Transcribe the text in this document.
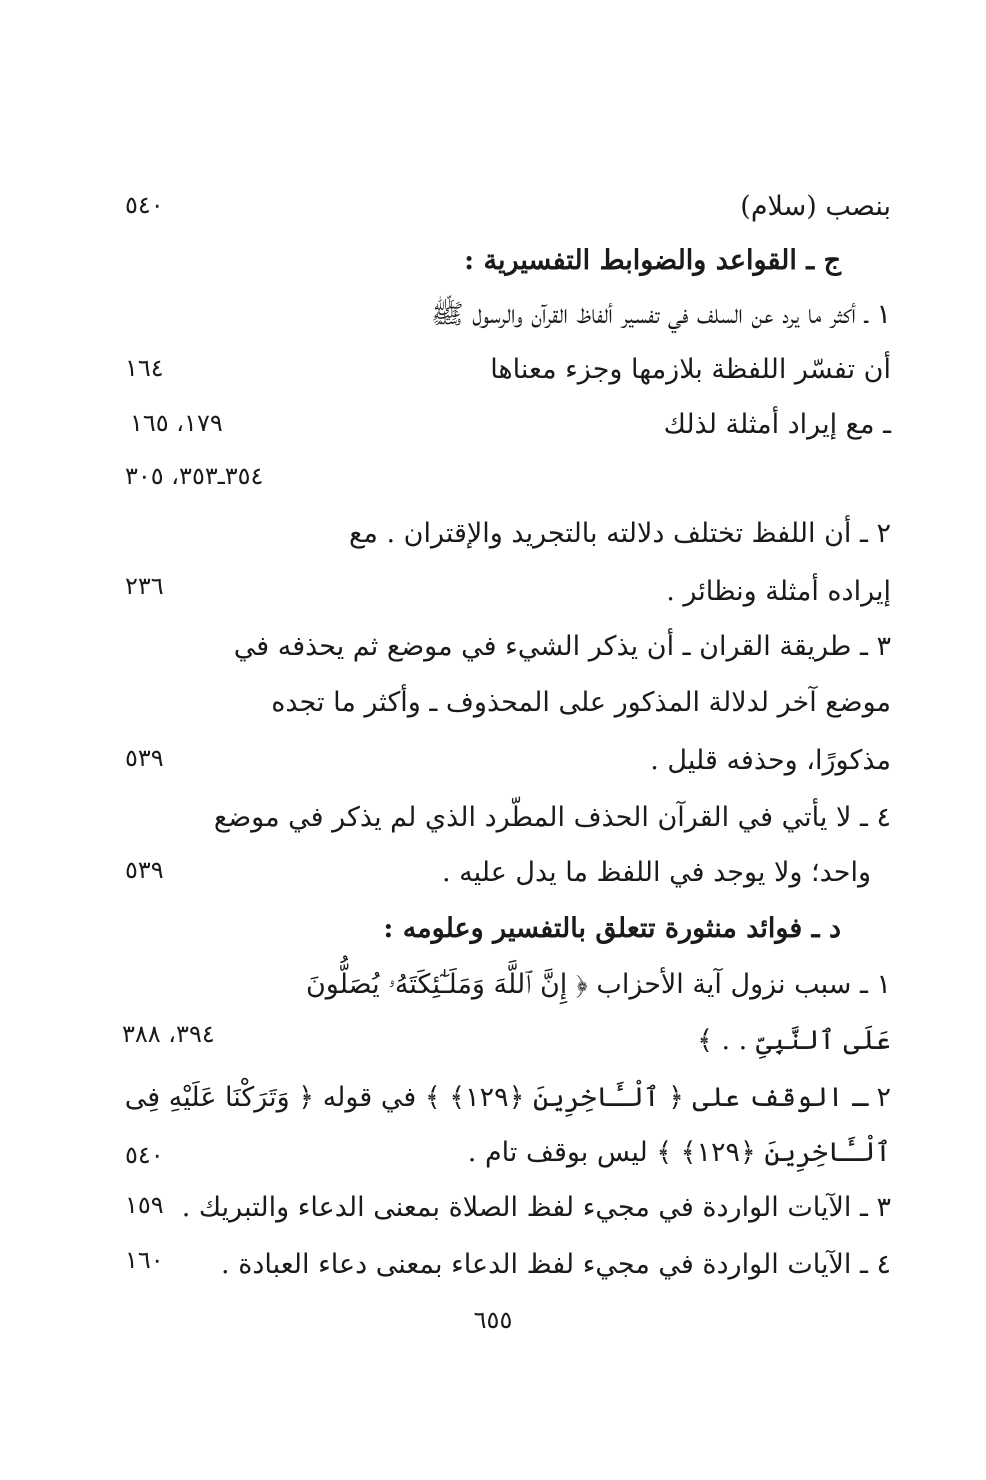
بنصب (سلام)
٥٤٠
ج ـ القواعد والضوابط التفسيرية :
١ ـ أكثر ما يرد عن السلف في تفسير ألفاظ القرآن والرسول ﷺ
أن تفسّر اللفظة بلازمها وجزء معناها
١٦٤
ـ مع إيراد أمثلة لذلك
١٧٩، ١٦٥
٣٥٤ـ٣٥٣، ٣٠٥
٢ ـ أن اللفظ تختلف دلالته بالتجريد والإقتران . مع
إيراده أمثلة ونظائر .
٢٣٦
٣ ـ طريقة القران ـ أن يذكر الشيء في موضع ثم يحذفه في
موضع آخر لدلالة المذكور على المحذوف ـ وأكثر ما تجده
مذكورًا، وحذفه قليل .
٥٣٩
٤ ـ لا يأتي في القرآن الحذف المطّرد الذي لم يذكر في موضع
واحد؛ ولا يوجد في اللفظ ما يدل عليه .
٥٣٩
د ـ فوائد منثورة تتعلق بالتفسير وعلومه :
١ ـ سبب نزول آية الأحزاب ﴿ إِنَّ ٱللَّهَ وَمَلَـٰٓئِكَتَهُۥ يُصَلُّونَ
عَلَى ٱلنَّبِىِّ . . ﴾
٣٩٤، ٣٨٨
٢ ـ الوقف على ﴿ ٱلْـَٔاخِرِينَ ﴿١٢٩﴾ ﴾ في قوله ﴿ وَتَرَكْنَا عَلَيْهِ فِى
ٱلْـَٔاخِرِينَ ﴿١٢٩﴾ ﴾ ليس بوقف تام .
٥٤٠
٣ ـ الآيات الواردة في مجيء لفظ الصلاة بمعنى الدعاء والتبريك .
١٥٩
٤ ـ الآيات الواردة في مجيء لفظ الدعاء بمعنى دعاء العبادة .
١٦٠
٦٥٥
